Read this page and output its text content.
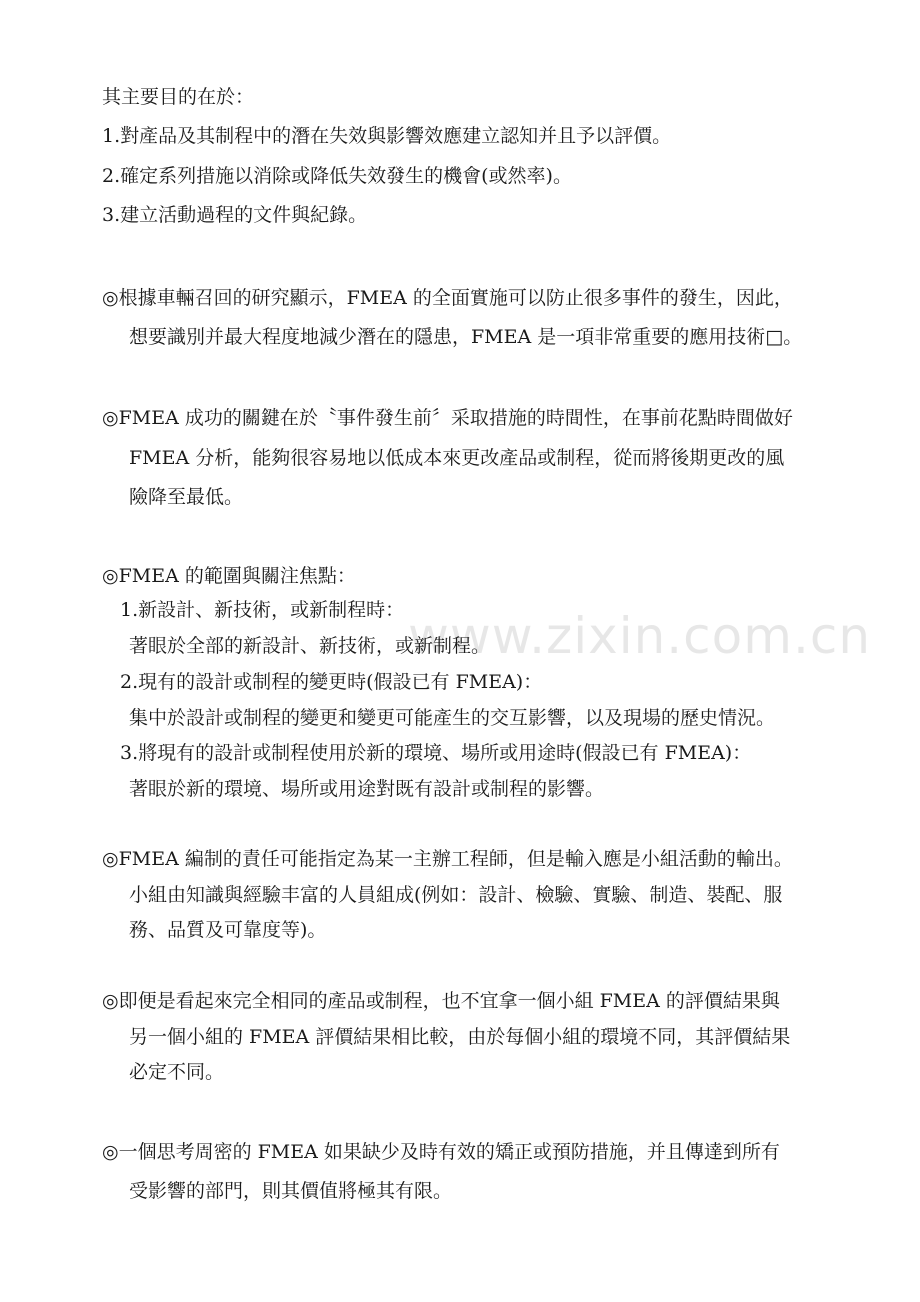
www.zixin.com.cn
其主要目的在於：
1.對產品及其制程中的潛在失效與影響效應建立認知并且予以評價。
2.確定系列措施以消除或降低失效發生的機會(或然率)。
3.建立活動過程的文件與紀錄。
◎根據車輛召回的研究顯示，FMEA 的全面實施可以防止很多事件的發生，因此，
想要識別并最大程度地減少潛在的隱患，FMEA 是一項非常重要的應用技術□。
◎FMEA 成功的關鍵在於〝事件發生前〞采取措施的時間性，在事前花點時間做好
FMEA 分析，能夠很容易地以低成本來更改產品或制程，從而將後期更改的風
險降至最低。
◎FMEA 的範圍與關注焦點：
1.新設計、新技術，或新制程時：
著眼於全部的新設計、新技術，或新制程。
2.現有的設計或制程的變更時(假設已有 FMEA)：
集中於設計或制程的變更和變更可能產生的交互影響，以及現場的歷史情況。
3.將現有的設計或制程使用於新的環境、場所或用途時(假設已有 FMEA)：
著眼於新的環境、場所或用途對既有設計或制程的影響。
◎FMEA 編制的責任可能指定為某一主辦工程師，但是輸入應是小組活動的輸出。
小組由知識與經驗丰富的人員組成(例如：設計、檢驗、實驗、制造、裝配、服
務、品質及可靠度等)。
◎即便是看起來完全相同的產品或制程，也不宜拿一個小組 FMEA 的評價結果與
另一個小組的 FMEA 評價結果相比較，由於每個小組的環境不同，其評價結果
必定不同。
◎一個思考周密的 FMEA 如果缺少及時有效的矯正或預防措施，并且傳達到所有
受影響的部門，則其價值將極其有限。
